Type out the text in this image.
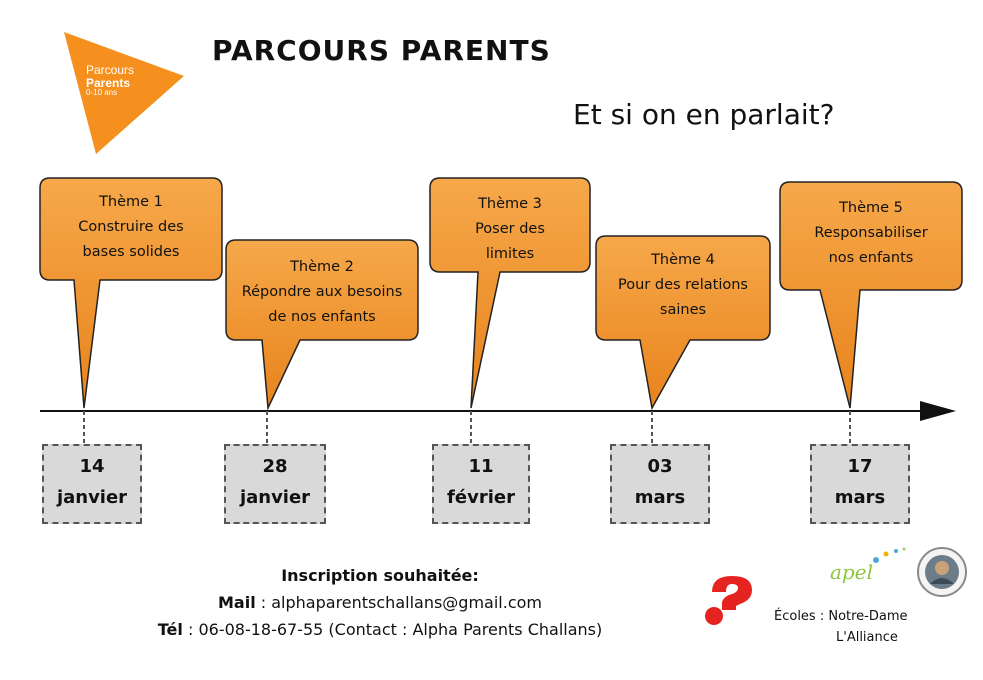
Parcours
Parents
0-10 ans
PARCOURS PARENTS
Et si on en parlait?
Thème 1
Construire des
bases solides
Thème 2
Répondre aux besoins
de nos enfants
Thème 3
Poser des
limites	Thème 4
Pour des relations
saines
Thème 5
Responsabiliser
nos enfants
14
janvier
28
janvier
11
février
03
mars
17
mars
Inscription souhaitée:
Mail : alphaparentschallans@gmail.com
Tél : 06-08-18-67-55 (Contact : Alpha Parents Challans)
apel
Écoles : Notre-Dame
L'Alliance
